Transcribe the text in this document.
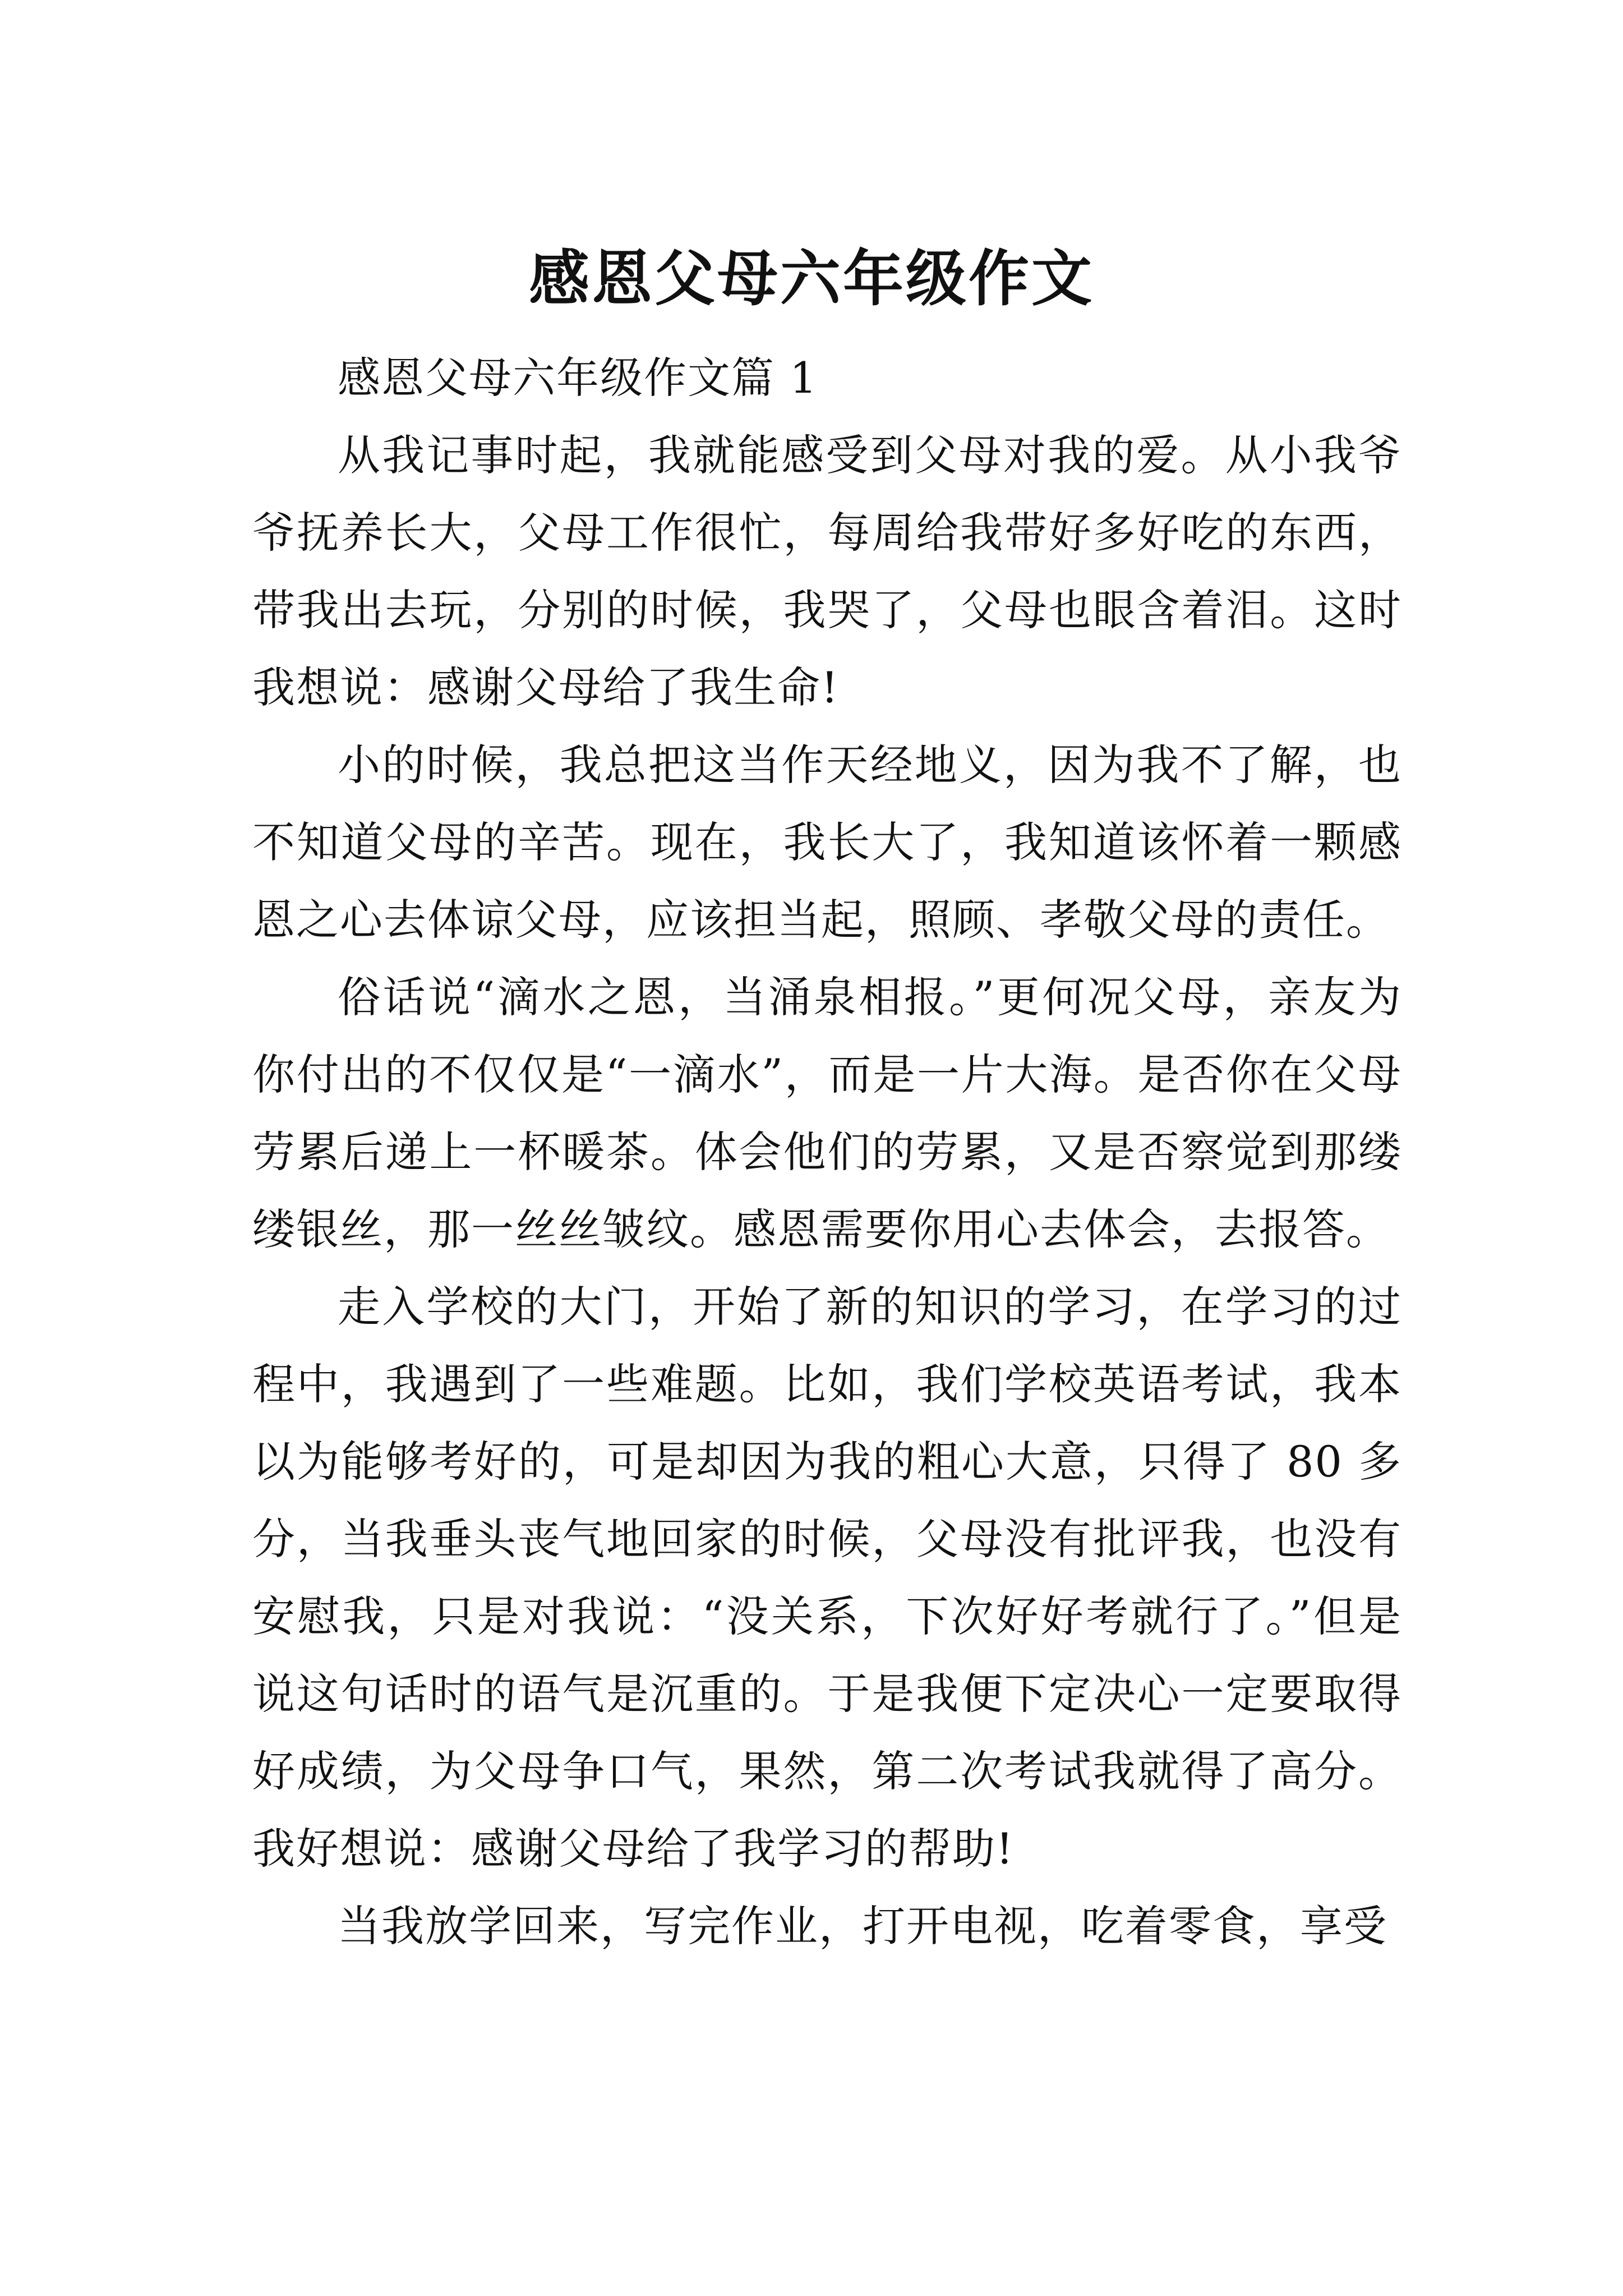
感恩父母六年级作文

感恩父母六年级作文篇 1

从我记事时起，我就能感受到父母对我的爱。从小我爷爷抚养长大，父母工作很忙，每周给我带好多好吃的东西，带我出去玩，分别的时候，我哭了，父母也眼含着泪。这时我想说：感谢父母给了我生命!

小的时候，我总把这当作天经地义，因为我不了解，也不知道父母的辛苦。现在，我长大了，我知道该怀着一颗感恩之心去体谅父母，应该担当起，照顾、孝敬父母的责任。

俗话说“滴水之恩，当涌泉相报。”更何况父母，亲友为你付出的不仅仅是“一滴水”，而是一片大海。是否你在父母劳累后递上一杯暖茶。体会他们的劳累，又是否察觉到那缕缕银丝，那一丝丝皱纹。感恩需要你用心去体会，去报答。

走入学校的大门，开始了新的知识的学习，在学习的过程中，我遇到了一些难题。比如，我们学校英语考试，我本以为能够考好的，可是却因为我的粗心大意，只得了 80 多分，当我垂头丧气地回家的时候，父母没有批评我，也没有安慰我，只是对我说：“没关系，下次好好考就行了。”但是说这句话时的语气是沉重的。于是我便下定决心一定要取得好成绩，为父母争口气，果然，第二次考试我就得了高分。我好想说：感谢父母给了我学习的帮助!

当我放学回来，写完作业，打开电视，吃着零食，享受
